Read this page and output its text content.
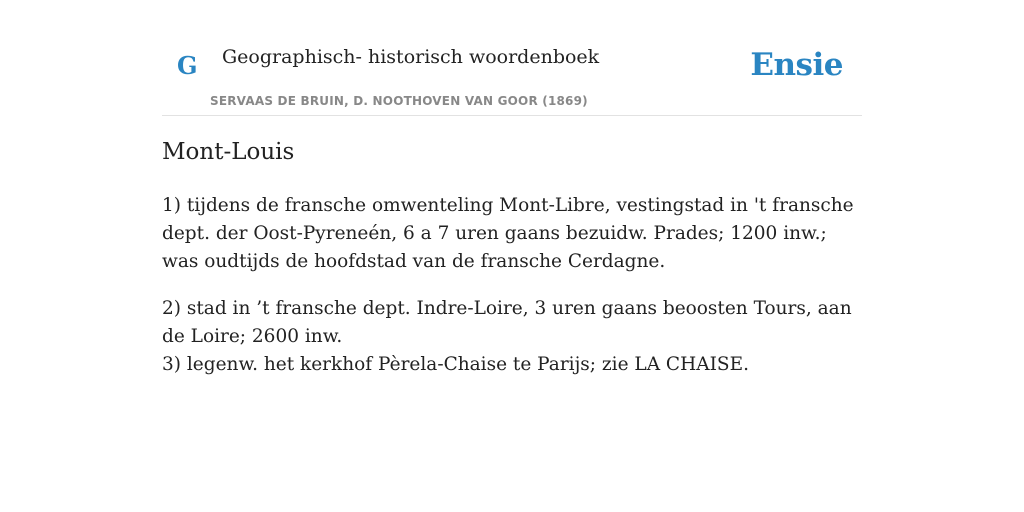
G Geographisch- historisch woordenboek
SERVAAS DE BRUIN, D. NOOTHOVEN VAN GOOR (1869)
Ensie
Mont-Louis

1) tijdens de fransche omwenteling Mont-Libre, vestingstad in 't fransche dept. der Oost-Pyreneén, 6 a 7 uren gaans bezuidw. Prades; 1200 inw.; was oudtijds de hoofdstad van de fransche Cerdagne.

2) stad in ’t fransche dept. Indre-Loire, 3 uren gaans beoosten Tours, aan de Loire; 2600 inw.

3) legenw. het kerkhof Pèrela-Chaise te Parijs; zie LA CHAISE.
